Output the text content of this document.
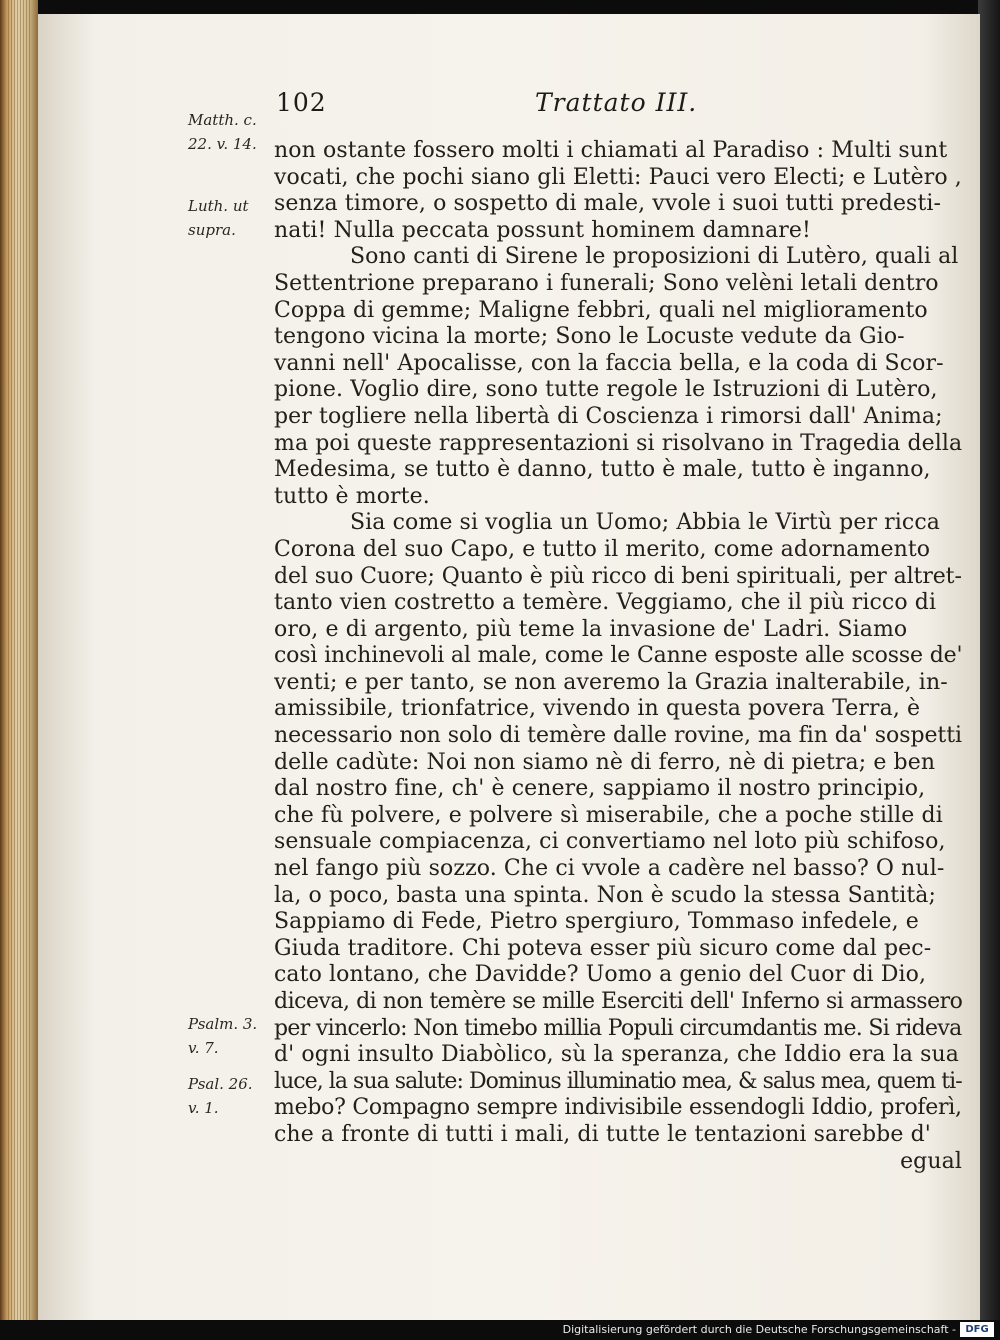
102	Trattato III.
Matth. c.
22. v. 14.
Luth. ut
supra.
Psalm. 3.
v. 7.
Psal. 26.
v. 1.
non ostante fossero molti i chiamati al Paradiso : Multi sunt
vocati, che pochi siano gli Eletti: Pauci vero Electi; e Lutèro ,
senza timore, o sospetto di male, vvole i suoi tutti predesti-
nati! Nulla peccata possunt hominem damnare!
Sono canti di Sirene le proposizioni di Lutèro, quali al
Settentrione preparano i funerali; Sono velèni letali dentro
Coppa di gemme; Maligne febbri, quali nel miglioramento
tengono vicina la morte; Sono le Locuste vedute da Gio-
vanni nell' Apocalisse, con la faccia bella, e la coda di Scor-
pione. Voglio dire, sono tutte regole le Istruzioni di Lutèro,
per togliere nella libertà di Coscienza i rimorsi dall' Anima;
ma poi queste rappresentazioni si risolvano in Tragedia della
Medesima, se tutto è danno, tutto è male, tutto è inganno,
tutto è morte.
Sia come si voglia un Uomo; Abbia le Virtù per ricca
Corona del suo Capo, e tutto il merito, come adornamento
del suo Cuore; Quanto è più ricco di beni spirituali, per altret-
tanto vien costretto a temère. Veggiamo, che il più ricco di
oro, e di argento, più teme la invasione de' Ladri. Siamo
così inchinevoli al male, come le Canne esposte alle scosse de'
venti; e per tanto, se non averemo la Grazia inalterabile, in-
amissibile, trionfatrice, vivendo in questa povera Terra, è
necessario non solo di temère dalle rovine, ma fin da' sospetti
delle cadùte: Noi non siamo nè di ferro, nè di pietra; e ben
dal nostro fine, ch' è cenere, sappiamo il nostro principio,
che fù polvere, e polvere sì miserabile, che a poche stille di
sensuale compiacenza, ci convertiamo nel loto più schifoso,
nel fango più sozzo. Che ci vvole a cadère nel basso? O nul-
la, o poco, basta una spinta. Non è scudo la stessa Santità;
Sappiamo di Fede, Pietro spergiuro, Tommaso infedele, e
Giuda traditore. Chi poteva esser più sicuro come dal pec-
cato lontano, che Davidde? Uomo a genio del Cuor di Dio,
diceva, di non temère se mille Eserciti dell' Inferno si armassero
per vincerlo: Non timebo millia Populi circumdantis me. Si rideva
d' ogni insulto Diabòlico, sù la speranza, che Iddio era la sua
luce, la sua salute: Dominus illuminatio mea, & salus mea, quem ti-
mebo? Compagno sempre indivisibile essendogli Iddio, proferì,
che a fronte di tutti i mali, di tutte le tentazioni sarebbe d'
egual
Digitalisierung gefördert durch die Deutsche Forschungsgemeinschaft - DFG
